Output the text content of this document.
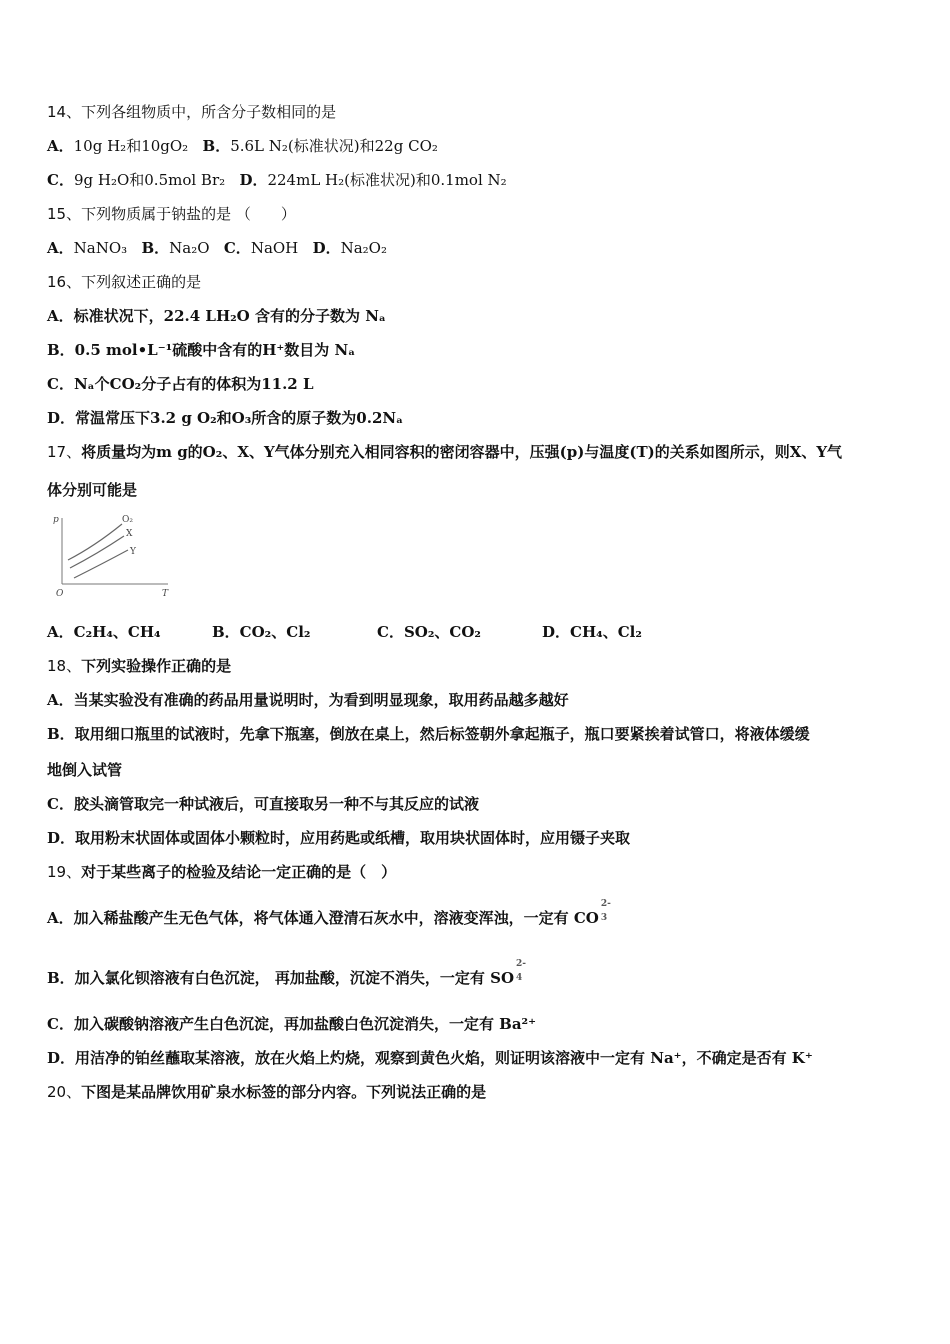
14、下列各组物质中，所含分子数相同的是
A．10g H₂和10gO₂ B．5.6L N₂(标准状况)和22g CO₂
C．9g H₂O和0.5mol Br₂ D．224mL H₂(标准状况)和0.1mol N₂
15、下列物质属于钠盐的是 （　　）
A．NaNO₃ B．Na₂O C．NaOH D．Na₂O₂
16、下列叙述正确的是
A．标准状况下，22.4 LH₂O 含有的分子数为 Nₐ
B．0.5 mol•L⁻¹硫酸中含有的H⁺数目为 Nₐ
C．Nₐ个CO₂分子占有的体积为11.2 L
D．常温常压下3.2 g O₂和O₃所含的原子数为0.2Nₐ
17、将质量均为m g的O₂、X、Y气体分别充入相同容积的密闭容器中，压强(p)与温度(T)的关系如图所示，则X、Y气
体分别可能是
p
T
O
O₂
X
Y
A．C₂H₄、CH₄	B．CO₂、Cl₂	C．SO₂、CO₂	D．CH₄、Cl₂
18、下列实验操作正确的是
A．当某实验没有准确的药品用量说明时，为看到明显现象，取用药品越多越好
B．取用细口瓶里的试液时，先拿下瓶塞，倒放在桌上，然后标签朝外拿起瓶子，瓶口要紧挨着试管口，将液体缓缓
地倒入试管
C．胶头滴管取完一种试液后，可直接取另一种不与其反应的试液
D．取用粉末状固体或固体小颗粒时，应用药匙或纸槽，取用块状固体时，应用镊子夹取
19、对于某些离子的检验及结论一定正确的是（　）
A．加入稀盐酸产生无色气体，将气体通入澄清石灰水中，溶液变浑浊，一定有 CO
2-
3
B．加入氯化钡溶液有白色沉淀， 再加盐酸，沉淀不消失，一定有 SO
2-
4
C．加入碳酸钠溶液产生白色沉淀，再加盐酸白色沉淀消失，一定有 Ba²⁺
D．用洁净的铂丝蘸取某溶液，放在火焰上灼烧，观察到黄色火焰，则证明该溶液中一定有 Na⁺，不确定是否有 K⁺
20、下图是某品牌饮用矿泉水标签的部分内容。下列说法正确的是
